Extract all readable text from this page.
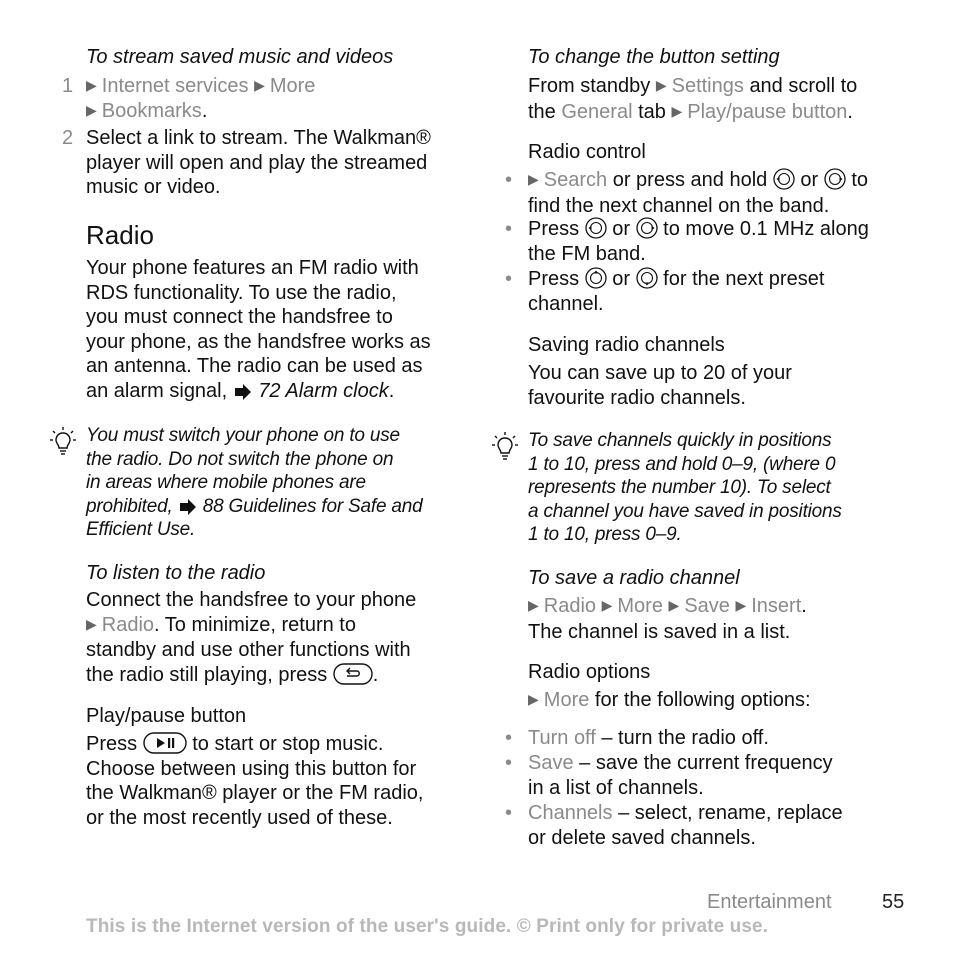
To stream saved music and videos
1 ▶ Internet services ▶ More
▶ Bookmarks.
2 Select a link to stream. The Walkman®
player will open and play the streamed
music or video.
Radio
Your phone features an FM radio with
RDS functionality. To use the radio,
you must connect the handsfree to
your phone, as the handsfree works as
an antenna. The radio can be used as
an alarm signal, 72 Alarm clock.
You must switch your phone on to use
the radio. Do not switch the phone on
in areas where mobile phones are
prohibited, 88 Guidelines for Safe and
Efficient Use.
To listen to the radio
Connect the handsfree to your phone
▶ Radio. To minimize, return to
standby and use other functions with
the radio still playing, press .
Play/pause button
Press	to start or stop music.
Choose between using this button for
the Walkman® player or the FM radio,
or the most recently used of these.
To change the button setting
From standby ▶ Settings and scroll to
the General tab ▶ Play/pause button.
Radio control
• ▶ Search or press and hold or to
find the next channel on the band.
• Press or to move 0.1 MHz along
the FM band.
• Press or for the next preset
channel.
Saving radio channels
You can save up to 20 of your
favourite radio channels.
To save channels quickly in positions
1 to 10, press and hold 0–9, (where 0
represents the number 10). To select
a channel you have saved in positions
1 to 10, press 0–9.
To save a radio channel
▶ Radio ▶ More ▶ Save ▶ Insert.
The channel is saved in a list.
Radio options
▶ More for the following options:
• Turn off – turn the radio off.
• Save – save the current frequency
in a list of channels.
• Channels – select, rename, replace
or delete saved channels.
Entertainment	55
This is the Internet version of the user's guide. © Print only for private use.
